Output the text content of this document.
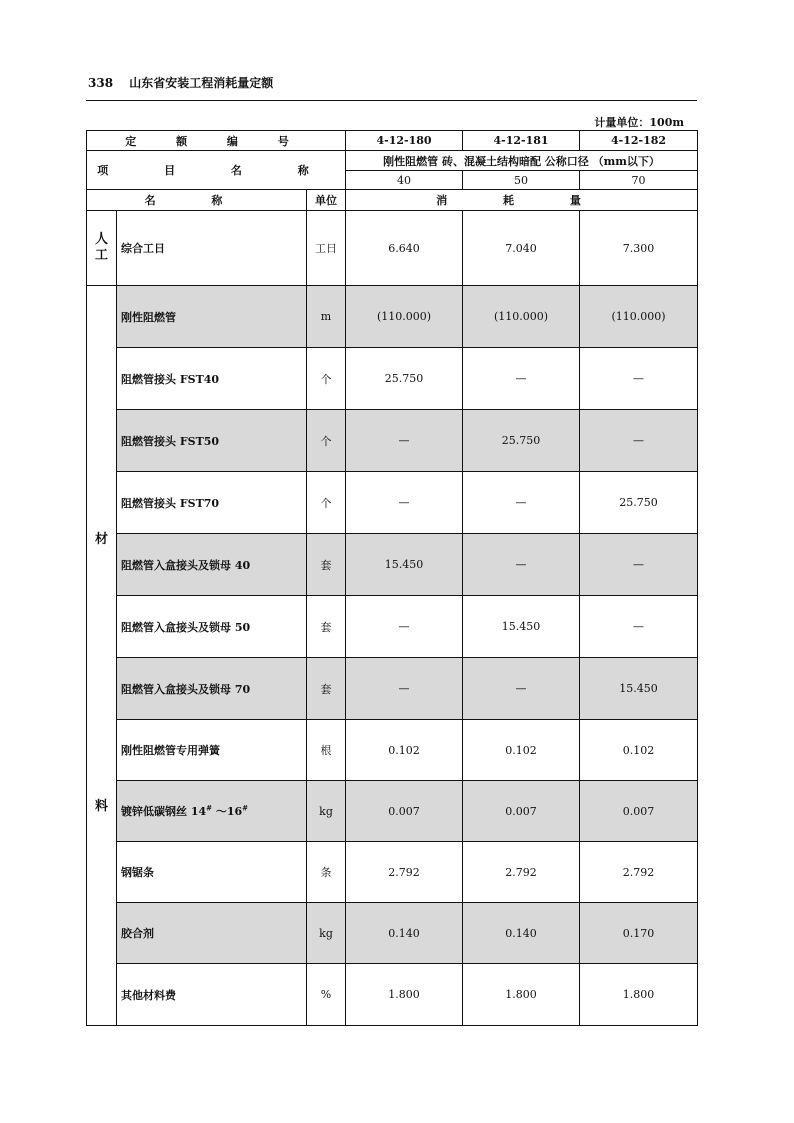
338 山东省安装工程消耗量定额
计量单位：100m
定 额 编 号			4-12-180	4-12-181	4-12-182
项 目 名 称			刚性阻燃管 砖、混凝土结构暗配 公称口径 （mm以下）		
			40	50	70
名 称		单位	消 耗 量		
人工	综合工日	工日	6.640	7.040	7.300

材
料	刚性阻燃管	m	(110.000)	(110.000)	(110.000)
	阻燃管接头 FST40	个	25.750	—	—
	阻燃管接头 FST50	个	—	25.750	—
	阻燃管接头 FST70	个	—	—	25.750
	阻燃管入盒接头及锁母 40	套	15.450	—	—
	阻燃管入盒接头及锁母 50	套	—	15.450	—
	阻燃管入盒接头及锁母 70	套	—	—	15.450
	刚性阻燃管专用弹簧	根	0.102	0.102	0.102
	镀锌低碳钢丝 14# ～16#	kg	0.007	0.007	0.007
	钢锯条	条	2.792	2.792	2.792
	胶合剂	kg	0.140	0.140	0.170
	其他材料费	%	1.800	1.800	1.800
